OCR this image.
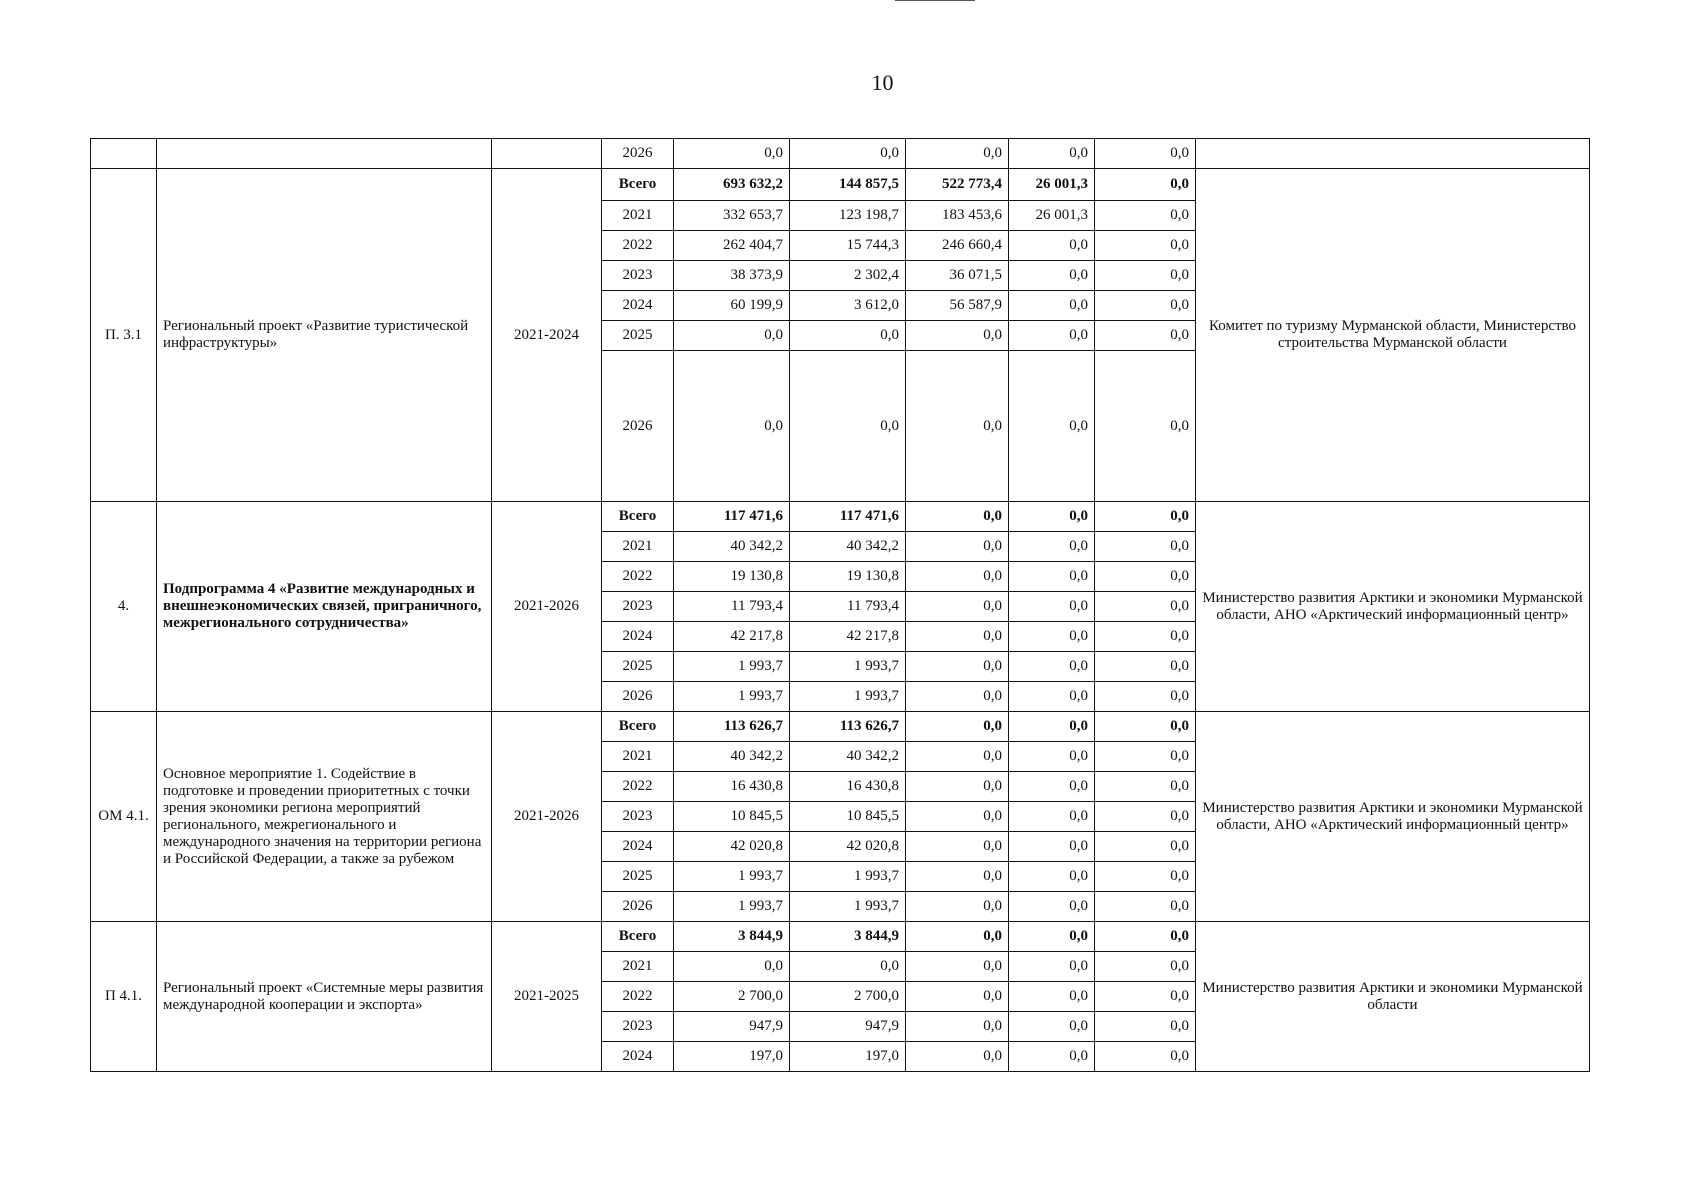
10
			2026	0,0	0,0	0,0	0,0	0,0	
П. 3.1	Региональный проект «Развитие туристической инфраструктуры»	2021-2024	Всего	693 632,2	144 857,5	522 773,4	26 001,3	0,0	Комитет по туризму Мурманской области, Министерство строительства Мурманской области
			2021	332 653,7	123 198,7	183 453,6	26 001,3	0,0	
			2022	262 404,7	15 744,3	246 660,4	0,0	0,0	
			2023	38 373,9	2 302,4	36 071,5	0,0	0,0	
			2024	60 199,9	3 612,0	56 587,9	0,0	0,0	
			2025	0,0	0,0	0,0	0,0	0,0	
			2026	0,0	0,0	0,0	0,0	0,0	
4.	Подпрограмма 4 «Развитие международных и внешнеэкономических связей, приграничного, межрегионального сотрудничества»	2021-2026	Всего	117 471,6	117 471,6	0,0	0,0	0,0	Министерство развития Арктики и экономики Мурманской области, АНО «Арктический информационный центр»
			2021	40 342,2	40 342,2	0,0	0,0	0,0	
			2022	19 130,8	19 130,8	0,0	0,0	0,0	
			2023	11 793,4	11 793,4	0,0	0,0	0,0	
			2024	42 217,8	42 217,8	0,0	0,0	0,0	
			2025	1 993,7	1 993,7	0,0	0,0	0,0	
			2026	1 993,7	1 993,7	0,0	0,0	0,0	
ОМ 4.1.	Основное мероприятие 1. Содействие в подготовке и проведении приоритетных с точки зрения экономики региона мероприятий регионального, межрегионального и международного значения на территории региона и Российской Федерации, а также за рубежом	2021-2026	Всего	113 626,7	113 626,7	0,0	0,0	0,0	Министерство развития Арктики и экономики Мурманской области, АНО «Арктический информационный центр»
			2021	40 342,2	40 342,2	0,0	0,0	0,0	
			2022	16 430,8	16 430,8	0,0	0,0	0,0	
			2023	10 845,5	10 845,5	0,0	0,0	0,0	
			2024	42 020,8	42 020,8	0,0	0,0	0,0	
			2025	1 993,7	1 993,7	0,0	0,0	0,0	
			2026	1 993,7	1 993,7	0,0	0,0	0,0	
П 4.1.	Региональный проект «Системные меры развития международной кооперации и экспорта»	2021-2025	Всего	3 844,9	3 844,9	0,0	0,0	0,0	Министерство развития Арктики и экономики Мурманской области
			2021	0,0	0,0	0,0	0,0	0,0	
			2022	2 700,0	2 700,0	0,0	0,0	0,0	
			2023	947,9	947,9	0,0	0,0	0,0	
			2024	197,0	197,0	0,0	0,0	0,0	
